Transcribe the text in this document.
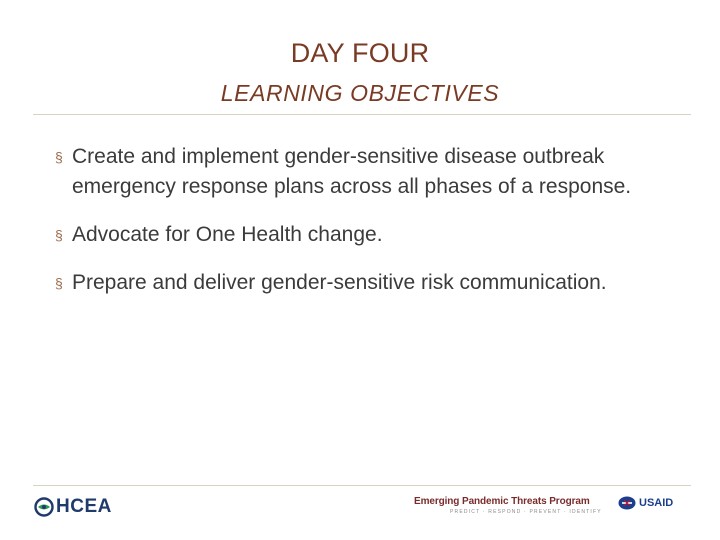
DAY FOUR
LEARNING OBJECTIVES
§ Create and implement gender-sensitive disease outbreak emergency response plans across all phases of a response.
§ Advocate for One Health change.
§ Prepare and deliver gender-sensitive risk communication.
HCEA	Emerging Pandemic Threats Program
PREDICT · RESPOND · PREVENT · IDENTIFY
USAID
